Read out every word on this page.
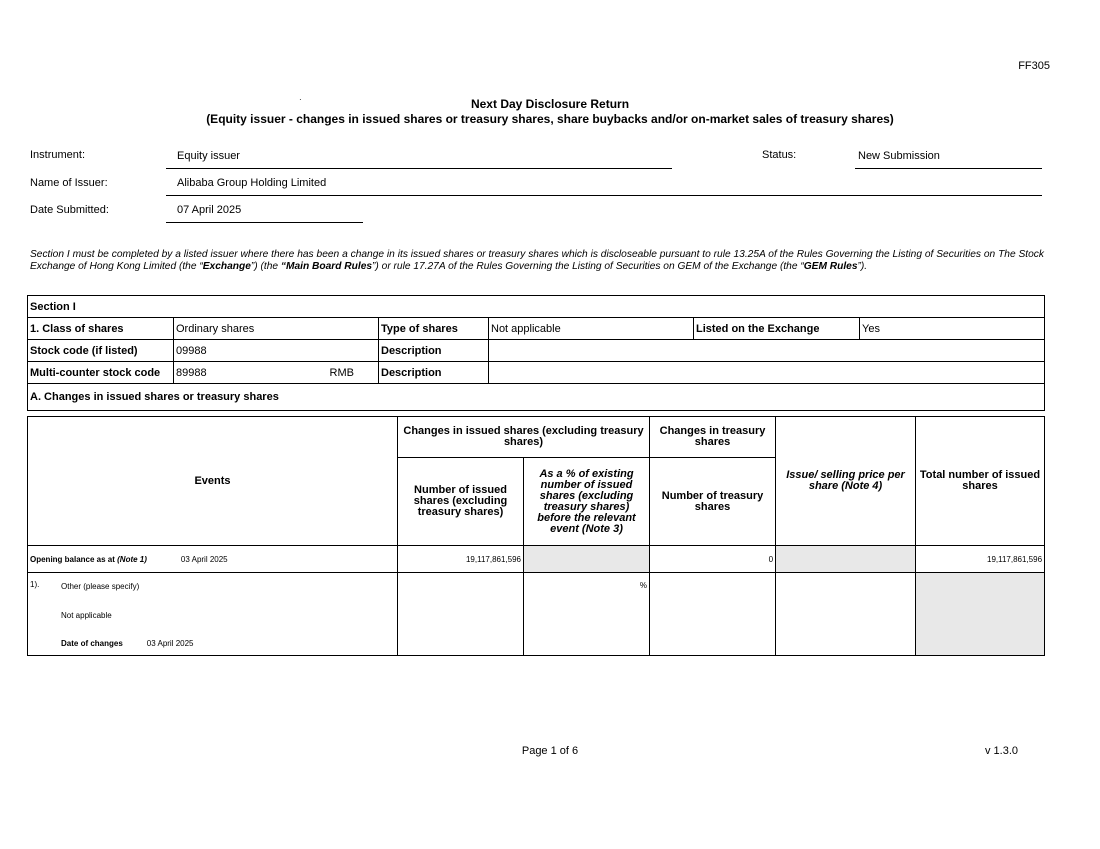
FF305
·	Next Day Disclosure Return
(Equity issuer - changes in issued shares or treasury shares, share buybacks and/or on-market sales of treasury shares)
Instrument:	Equity issuer	Status:	New Submission
Name of Issuer:	Alibaba Group Holding Limited
Date Submitted:	07 April 2025
Section I must be completed by a listed issuer where there has been a change in its issued shares or treasury shares which is discloseable pursuant to rule 13.25A of the Rules Governing the Listing of Securities on The Stock Exchange of Hong Kong Limited (the “Exchange”) (the “Main Board Rules”) or rule 17.27A of the Rules Governing the Listing of Securities on GEM of the Exchange (the “GEM Rules”).
Section I					
1. Class of shares	Ordinary shares	Type of shares	Not applicable	Listed on the Exchange	Yes
Stock code (if listed)	09988	Description			
Multi-counter stock code	89988 RMB	Description			
A. Changes in issued shares or treasury shares					
Events	Changes in issued shares (excluding treasury shares)		Changes in treasury shares	Issue/ selling price per share (Note 4)	Total number of issued shares
	Number of issued shares (excluding treasury shares)	As a % of existing number of issued shares (excluding treasury shares) before the relevant event (Note 3)	Number of treasury shares		
Opening balance as at (Note 1) 03 April 2025	19,117,861,596		0		19,117,861,596

1). Other (please specify)
Not applicable
Date of changes 03 April 2025		%			
Page 1 of 6	v 1.3.0
